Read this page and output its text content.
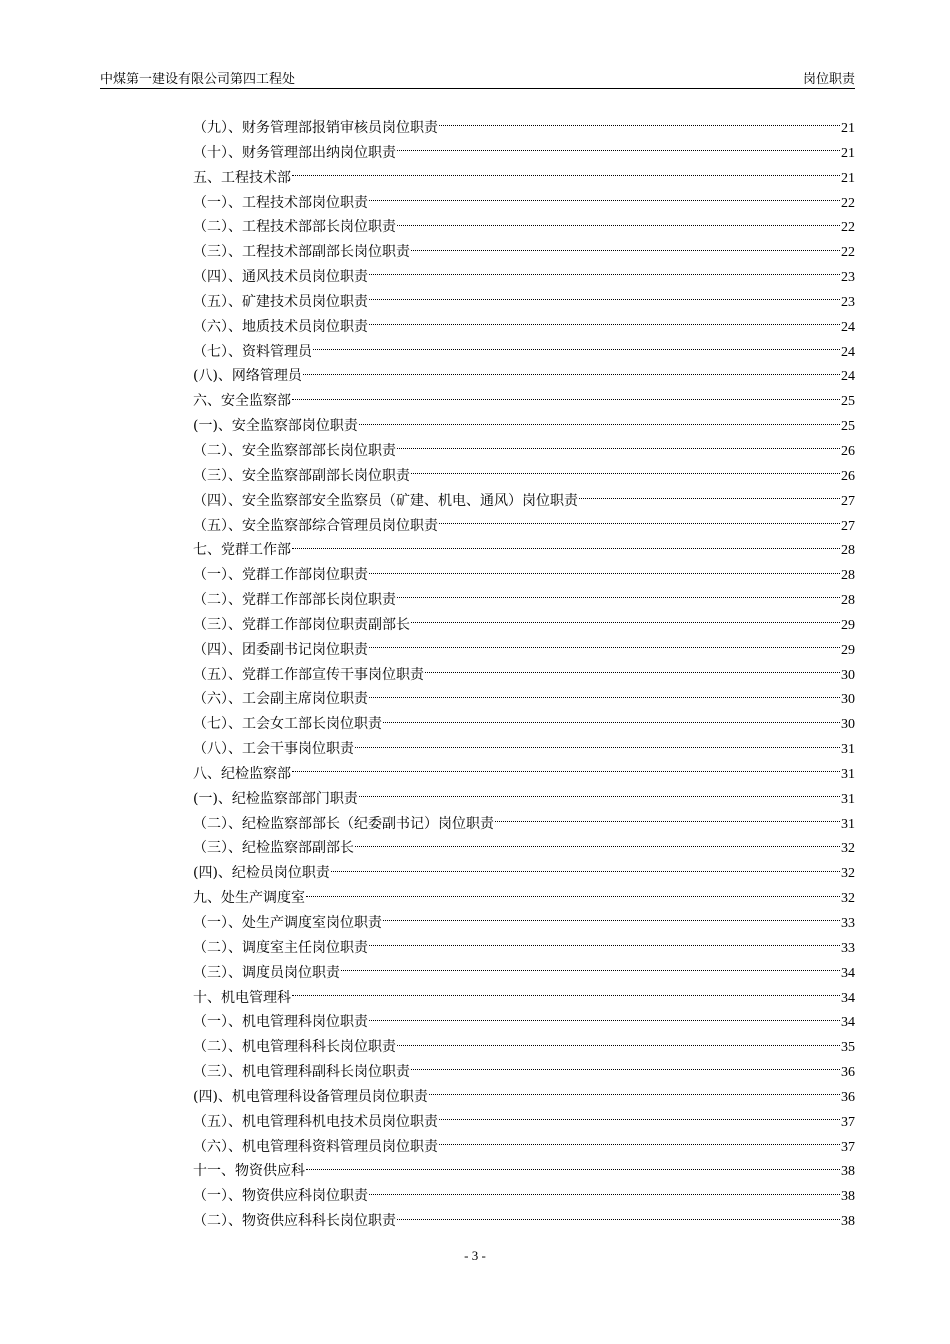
中煤第一建设有限公司第四工程处	岗位职责
（九）、财务管理部报销审核员岗位职责	21
（十）、财务管理部出纳岗位职责	21
五、工程技术部	21
（一）、工程技术部岗位职责	22
（二）、工程技术部部长岗位职责	22
（三）、工程技术部副部长岗位职责	22
（四）、通风技术员岗位职责	23
（五）、矿建技术员岗位职责	23
（六）、地质技术员岗位职责	24
（七）、资料管理员	24
(八)、网络管理员	24
六、安全监察部	25
(一)、安全监察部岗位职责	25
（二）、安全监察部部长岗位职责	26
（三）、安全监察部副部长岗位职责	26
（四）、安全监察部安全监察员（矿建、机电、通风）岗位职责	27
（五）、安全监察部综合管理员岗位职责	27
七、党群工作部	28
（一）、党群工作部岗位职责	28
（二）、党群工作部部长岗位职责	28
（三）、党群工作部岗位职责副部长	29
（四）、团委副书记岗位职责	29
（五）、党群工作部宣传干事岗位职责	30
（六）、工会副主席岗位职责	30
（七）、工会女工部长岗位职责	30
（八）、工会干事岗位职责	31
八、纪检监察部	31
(一)、纪检监察部部门职责	31
（二）、纪检监察部部长（纪委副书记）岗位职责	31
（三）、纪检监察部副部长	32
(四)、纪检员岗位职责	32
九、处生产调度室	32
（一）、处生产调度室岗位职责	33
（二）、调度室主任岗位职责	33
（三）、调度员岗位职责	34
十、机电管理科	34
（一）、机电管理科岗位职责	34
（二）、机电管理科科长岗位职责	35
（三）、机电管理科副科长岗位职责	36
(四)、机电管理科设备管理员岗位职责	36
（五）、机电管理科机电技术员岗位职责	37
（六）、机电管理科资料管理员岗位职责	37
十一、物资供应科	38
（一）、物资供应科岗位职责	38
（二）、物资供应科科长岗位职责	38
- 3 -
